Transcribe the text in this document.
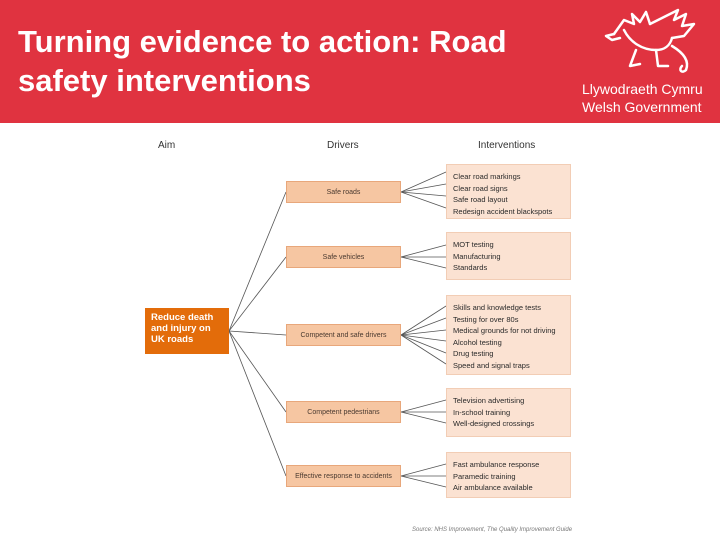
Turning evidence to action: Road safety interventions	Llywodraeth Cymru
Welsh Government
Aim	Drivers	Interventions
Reduce death and injury on UK roads
Safe roads
Safe vehicles
Competent and safe drivers
Competent pedestrians
Effective response to accidents
Clear road markings
Clear road signs
Safe road layout
Redesign accident blackspots
MOT testing
Manufacturing
Standards
Skills and knowledge tests
Testing for over 80s
Medical grounds for not driving
Alcohol testing
Drug testing
Speed and signal traps
Television advertising
In-school training
Well-designed crossings
Fast ambulance response
Paramedic training
Air ambulance available
Source: NHS Improvement, The Quality Improvement Guide
